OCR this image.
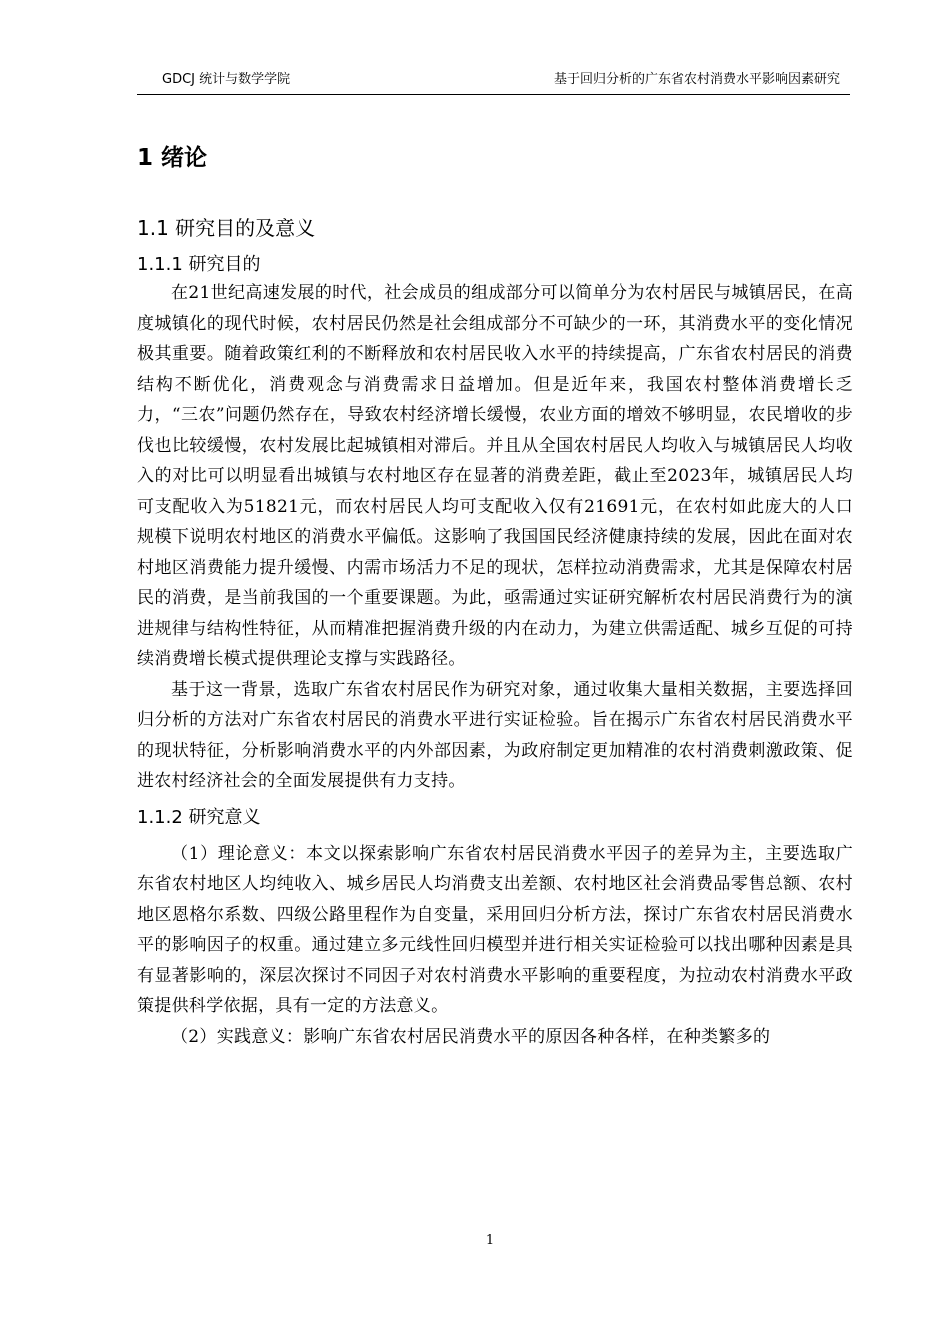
GDCJ 统计与数学学院	基于回归分析的广东省农村消费水平影响因素研究
1 绪论
1.1 研究目的及意义
1.1.1 研究目的

在21世纪高速发展的时代，社会成员的组成部分可以简单分为农村居民与城镇居民，在高度城镇化的现代时候，农村居民仍然是社会组成部分不可缺少的一环，其消费水平的变化情况极其重要。随着政策红利的不断释放和农村居民收入水平的持续提高，广东省农村居民的消费结构不断优化，消费观念与消费需求日益增加。但是近年来，我国农村整体消费增长乏力，“三农”问题仍然存在，导致农村经济增长缓慢，农业方面的增效不够明显，农民增收的步伐也比较缓慢，农村发展比起城镇相对滞后。并且从全国农村居民人均收入与城镇居民人均收入的对比可以明显看出城镇与农村地区存在显著的消费差距，截止至2023年，城镇居民人均可支配收入为51821元，而农村居民人均可支配收入仅有21691元，在农村如此庞大的人口规模下说明农村地区的消费水平偏低。这影响了我国国民经济健康持续的发展，因此在面对农村地区消费能力提升缓慢、内需市场活力不足的现状，怎样拉动消费需求，尤其是保障农村居民的消费，是当前我国的一个重要课题。为此，亟需通过实证研究解析农村居民消费行为的演进规律与结构性特征，从而精准把握消费升级的内在动力，为建立供需适配、城乡互促的可持续消费增长模式提供理论支撑与实践路径。

基于这一背景，选取广东省农村居民作为研究对象，通过收集大量相关数据，主要选择回归分析的方法对广东省农村居民的消费水平进行实证检验。旨在揭示广东省农村居民消费水平的现状特征，分析影响消费水平的内外部因素，为政府制定更加精准的农村消费刺激政策、促进农村经济社会的全面发展提供有力支持。

1.1.2 研究意义

（1）理论意义：本文以探索影响广东省农村居民消费水平因子的差异为主，主要选取广东省农村地区人均纯收入、城乡居民人均消费支出差额、农村地区社会消费品零售总额、农村地区恩格尔系数、四级公路里程作为自变量，采用回归分析方法，探讨广东省农村居民消费水平的影响因子的权重。通过建立多元线性回归模型并进行相关实证检验可以找出哪种因素是具有显著影响的，深层次探讨不同因子对农村消费水平影响的重要程度，为拉动农村消费水平政策提供科学依据，具有一定的方法意义。

（2）实践意义：影响广东省农村居民消费水平的原因各种各样，在种类繁多的

1
